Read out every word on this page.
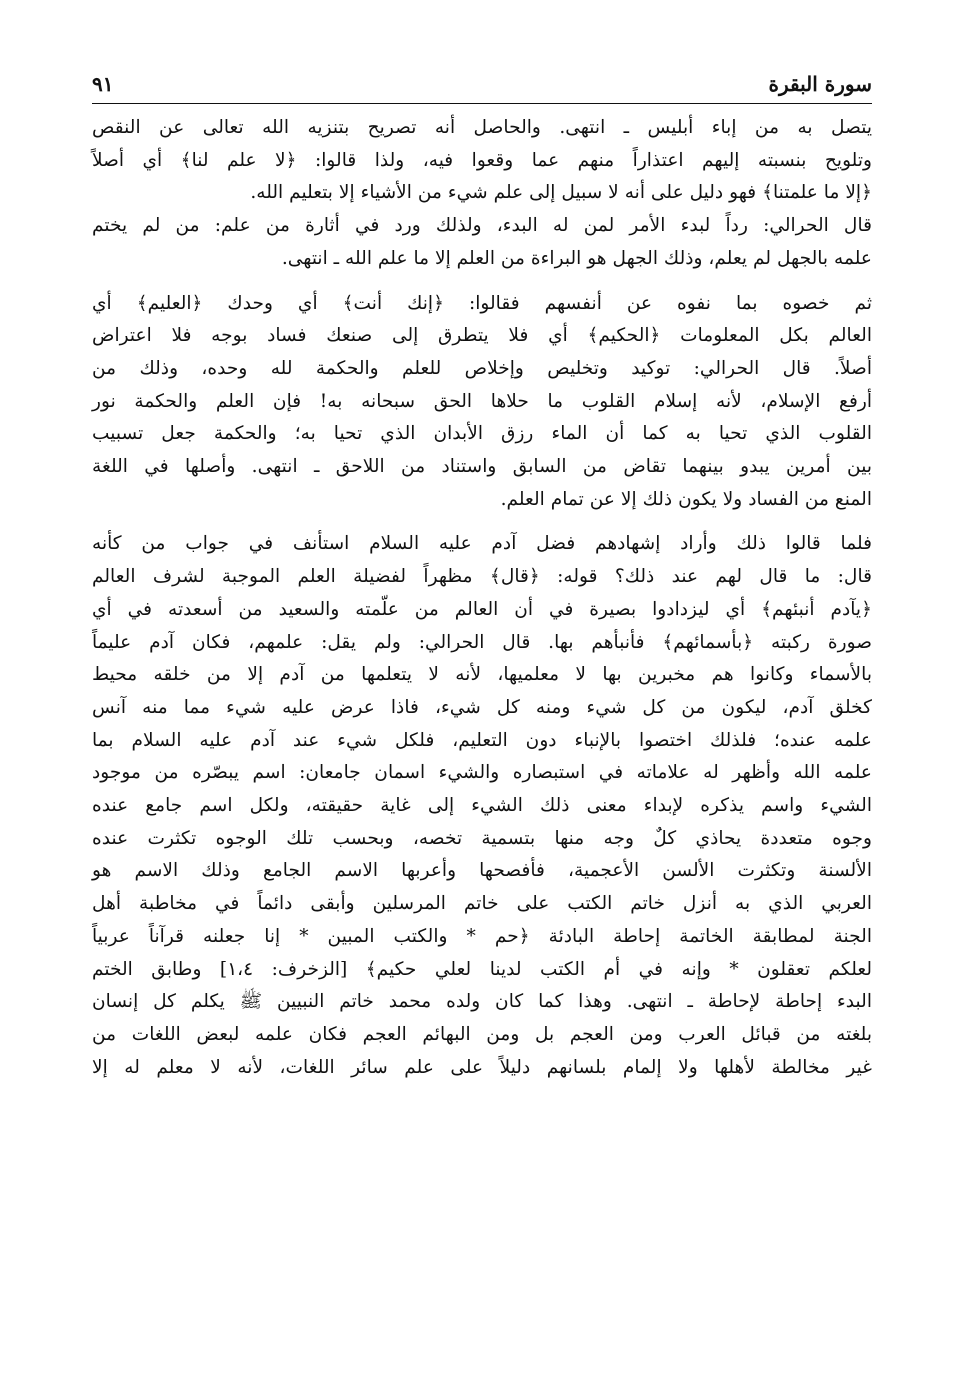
سورة البقرة
٩١
يتصل به من إباء أبليس ـ انتهى. والحاصل أنه تصريح بتنزيه الله تعالى عن النقص
وتلويح بنسبته إليهم اعتذاراً منهم عما وقعوا فيه، ولذا قالوا: ﴿لا علم لنا﴾ أي أصلاً
﴿إلا ما علمتنا﴾ فهو دليل على أنه لا سبيل إلى علم شيء من الأشياء إلا بتعليم الله.
قال الحرالي: رداً لبدء الأمر لمن له البدء، ولذلك ورد في أثارة من علم: من لم يختم
علمه بالجهل لم يعلم، وذلك الجهل هو البراءة من العلم إلا ما علم الله ـ انتهى.
ثم خصوه بما نفوه عن أنفسهم فقالوا: ﴿إنك أنت﴾ أي وحدك ﴿العليم﴾ أي
العالم بكل المعلومات ﴿الحكيم﴾ أي فلا يتطرق إلى صنعك فساد بوجه فلا اعتراض
أصلاً. قال الحرالي: توكيد وتخليص وإخلاص للعلم والحكمة لله وحده، وذلك من
أرفع الإسلام، لأنه إسلام القلوب ما حلاها الحق سبحانه به! فإن العلم والحكمة نور
القلوب الذي تحيا به كما أن الماء رزق الأبدان الذي تحيا به؛ والحكمة جعل تسبيب
بين أمرين يبدو بينهما تقاض من السابق واستناد من اللاحق ـ انتهى. وأصلها في اللغة
المنع من الفساد ولا يكون ذلك إلا عن تمام العلم.
فلما قالوا ذلك وأراد إشهادهم فضل آدم عليه السلام استأنف في جواب من كأنه
قال: ما قال لهم عند ذلك؟ قوله: ﴿قال﴾ مظهراً لفضيلة العلم الموجبة لشرف العالم
﴿يآدم أنبئهم﴾ أي ليزدادوا بصيرة في أن العالم من علّمته والسعيد من أسعدته في أي
صورة ركبته ﴿بأسمائهم﴾ فأنبأهم بها. قال الحرالي: ولم يقل: علمهم، فكان آدم عليماً
بالأسماء وكانوا هم مخبرين بها لا معلميها، لأنه لا يتعلمها من آدم إلا من خلقه محيط
كخلق آدم، ليكون من كل شيء ومنه كل شيء، فاذا عرض عليه شيء مما منه آنس
علمه عنده؛ فلذلك اختصوا بالإنباء دون التعليم، فلكل شيء عند آدم عليه السلام بما
علمه الله وأظهر له علاماته في استبصاره والشيء اسمان جامعان: اسم يبصّره من موجود
الشيء واسم يذكره لإبداء معنى ذلك الشيء إلى غاية حقيقته، ولكل اسم جامع عنده
وجوه متعددة يحاذي كلٌ وجه منها بتسمية تخصه، وبحسب تلك الوجوه تكثرت عنده
الألسنة وتكثرت الألسن الأعجمية، فأفصحها وأعربها الاسم الجامع وذلك الاسم هو
العربي الذي به أنزل خاتم الكتب على خاتم المرسلين وأبقى دائماً في مخاطبة أهل
الجنة لمطابقة الخاتمة إحاطة البادئة ﴿حم * والكتب المبين * إنا جعلنه قرآناً عربياً
لعلكم تعقلون * وإنه في أم الكتب لدينا لعلي حكيم﴾ [الزخرف: ١،٤] وطابق الختم
البدء إحاطة لإحاطة ـ انتهى. وهذا كما كان ولده محمد خاتم النبيين ﷺ يكلم كل إنسان
بلغته من قبائل العرب ومن العجم بل ومن البهائم العجم فكان علمه لبعض اللغات من
غير مخالطة لأهلها ولا إلمام بلسانهم دليلاً على علم سائر اللغات، لأنه لا معلم له إلا
